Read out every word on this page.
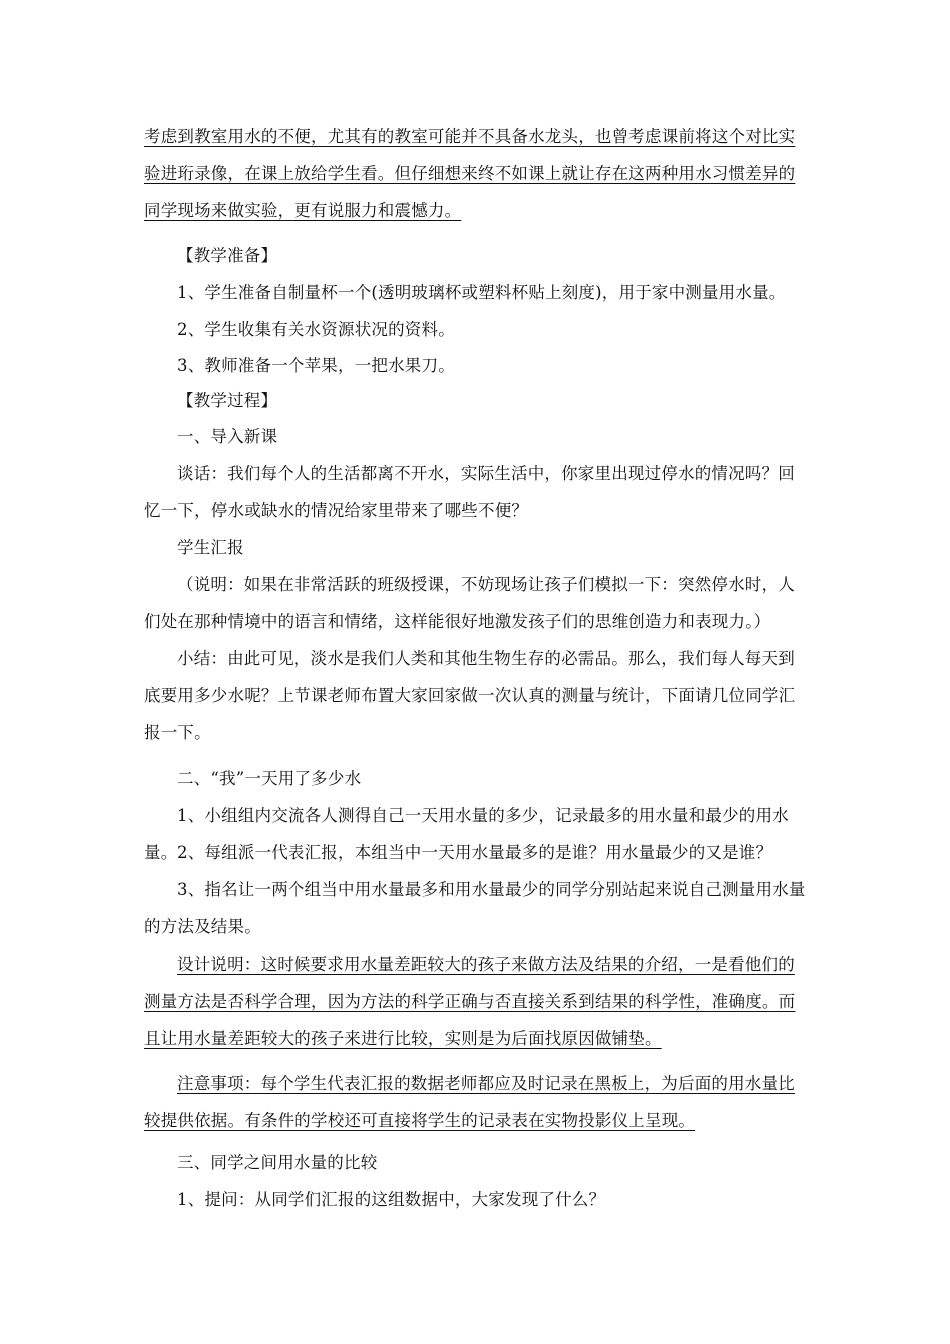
考虑到教室用水的不便，尤其有的教室可能并不具备水龙头，也曾考虑课前将这个对比实验进珩录像，在课上放给学生看。但仔细想来终不如课上就让存在这两种用水习惯差异的同学现场来做实验，更有说服力和震憾力。

【教学准备】

1、学生准备自制量杯一个(透明玻璃杯或塑料杯贴上刻度)，用于家中测量用水量。

2、学生收集有关水资源状况的资料。

3、教师准备一个苹果，一把水果刀。

【教学过程】

一、导入新课

谈话：我们每个人的生活都离不开水，实际生活中，你家里出现过停水的情况吗？回忆一下，停水或缺水的情况给家里带来了哪些不便？

学生汇报

（说明：如果在非常活跃的班级授课，不妨现场让孩子们模拟一下：突然停水时，人们处在那种情境中的语言和情绪，这样能很好地激发孩子们的思维创造力和表现力。）

小结：由此可见，淡水是我们人类和其他生物生存的必需品。那么，我们每人每天到底要用多少水呢？上节课老师布置大家回家做一次认真的测量与统计，下面请几位同学汇报一下。

二、“我”一天用了多少水

1、小组组内交流各人测得自己一天用水量的多少，记录最多的用水量和最少的用水量。 2、每组派一代表汇报，本组当中一天用水量最多的是谁？用水量最少的又是谁？

3、指名让一两个组当中用水量最多和用水量最少的同学分别站起来说自己测量用水量的方法及结果。

设计说明：这时候要求用水量差距较大的孩子来做方法及结果的介绍，一是看他们的测量方法是否科学合理，因为方法的科学正确与否直接关系到结果的科学性，准确度。而且让用水量差距较大的孩子来进行比较，实则是为后面找原因做铺垫。

注意事项：每个学生代表汇报的数据老师都应及时记录在黑板上，为后面的用水量比较提供依据。有条件的学校还可直接将学生的记录表在实物投影仪上呈现。

三、同学之间用水量的比较

1、提问：从同学们汇报的这组数据中，大家发现了什么？
